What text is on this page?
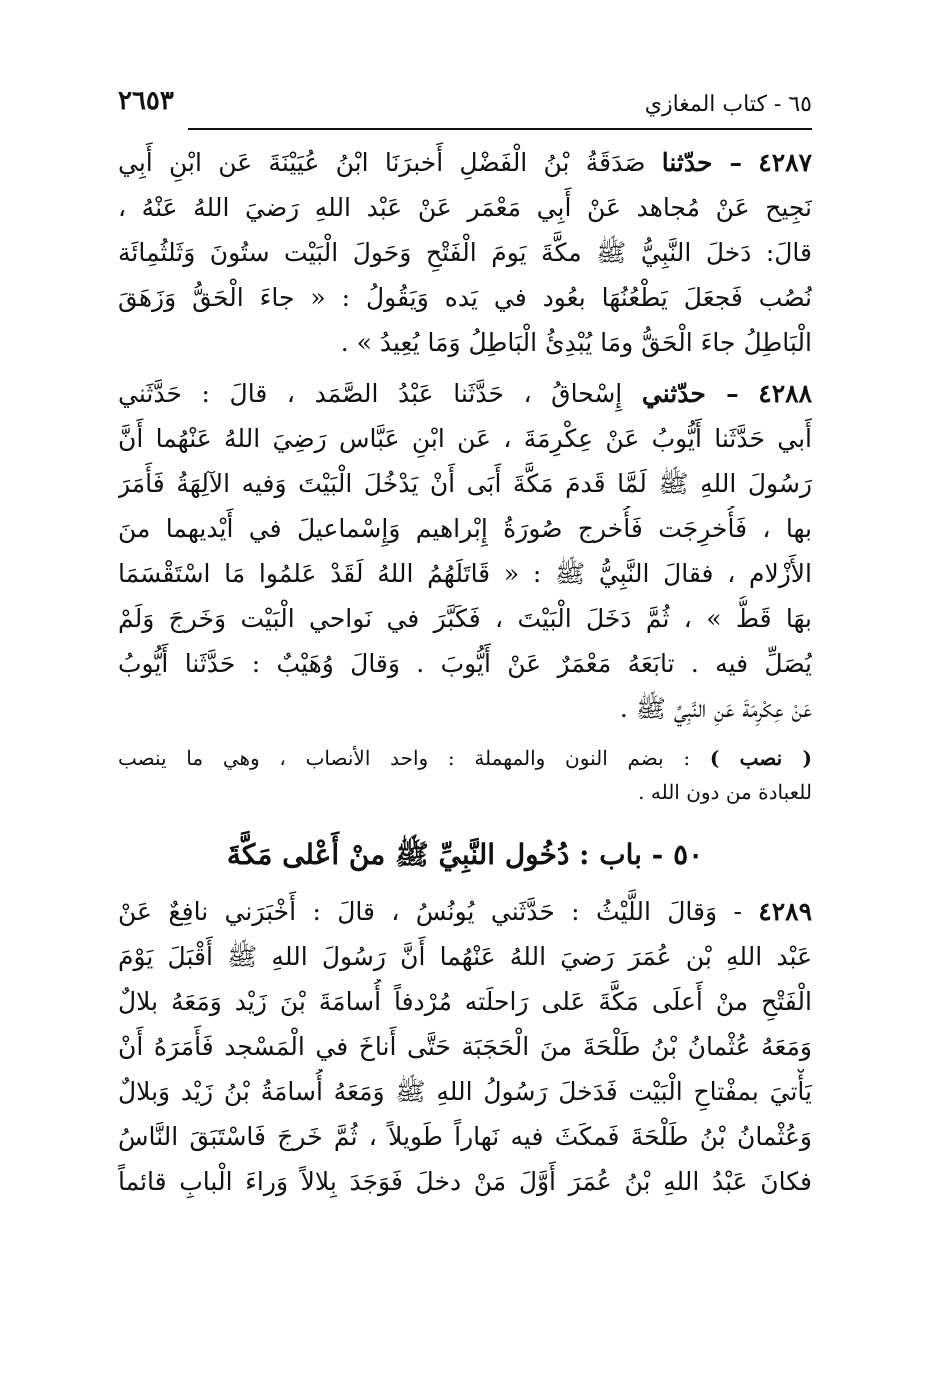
٦٥ - كتاب المغازي
٢٦٥٣
٤٢٨٧ – حدّثنا صَدَقَةُ بْنُ الْفَضْلِ أَخبرَنَا ابْنُ عُيَيْنَةَ عَن ابْنِ أَبِي
نَجِيح عَنْ مُجاهد عَنْ أَبِي مَعْمَر عَنْ عَبْد اللهِ رَضيَ اللهُ عَنْهُ ،
قالَ: دَخلَ النَّبِيُّ ﷺ مكَّةَ يَومَ الْفَتْحِ وَحَولَ الْبَيْت ستُونَ وَثَلثُمِائَة
نُصُب فَجعَلَ يَطْعُنُهَا بعُود في يَده وَيَقُولُ : « جاءَ الْحَقُّ وَزَهَقَ
الْبَاطِلُ جاءَ الْحَقُّ ومَا يُبْدِئُ الْبَاطِلُ وَمَا يُعِيدُ » .
٤٢٨٨ – حدّثني إِسْحاقُ ، حَدَّثَنا عَبْدُ الصَّمَد ، قالَ : حَدَّثَني
أَبي حَدَّثَنا أَيُّوبُ عَنْ عِكْرِمَةَ ، عَن ابْنِ عَبَّاس رَضِيَ اللهُ عَنْهُما أَنَّ
رَسُولَ اللهِ ﷺ لَمَّا قَدمَ مَكَّةَ أَبَى أَنْ يَدْخُلَ الْبَيْتَ وَفيه الآلِهَةُ فَأَمَرَ
بها ، فَأُخرِجَت فَأُخرج صُورَةُ إِبْراهيم وَإِسْماعيلَ في أَيْديهما منَ
الأَزْلام ، فقالَ النَّبِيُّ ﷺ : « قَاتَلَهُمُ اللهُ لَقَدْ عَلمُوا مَا اسْتَقْسَمَا
بهَا قَطُّ » ، ثُمَّ دَخَلَ الْبَيْتَ ، فَكَبَّرَ في نَواحي الْبَيْت وَخَرجَ وَلَمْ
يُصَلِّ فيه . تابَعَهُ مَعْمَرٌ عَنْ أَيُّوبَ . وَقالَ وُهَيْبٌ : حَدَّثَنا أَيُّوبُ
عَنْ عِكْرِمَةَ عَنِ النَّبِيِّ ﷺ .
( نصب ) : بضم النون والمهملة : واحد الأنصاب ، وهي ما ينصب
للعبادة من دون الله .
٥٠ - باب : دُخُول النَّبِيِّ ﷺ منْ أَعْلى مَكَّةَ
٤٢٨٩ - وَقالَ اللَّيْثُ : حَدَّثَني يُونُسُ ، قالَ : أَخْبَرَني نافِعٌ عَنْ
عَبْد اللهِ بْن عُمَرَ رَضيَ اللهُ عَنْهُما أَنَّ رَسُولَ اللهِ ﷺ أَقْبَلَ يَوْمَ
الْفَتْحِ منْ أَعلَى مَكَّةَ عَلى رَاحلَته مُرْدفاً أُسامَةَ بْنَ زَيْد وَمَعَهُ بلالٌ
وَمَعَهُ عُثْمانُ بْنُ طَلْحَةَ منَ الْحَجَبَة حَتَّى أَناخَ في الْمَسْجد فَأَمَرَهُ أَنْ
يَأْتيَ بمفْتاحِ الْبَيْت فَدَخلَ رَسُولُ اللهِ ﷺ وَمَعَهُ أُسامَةُ بْنُ زَيْد وَبلالٌ
وَعُثْمانُ بْنُ طَلْحَةَ فَمكَثَ فيه نَهاراً طَويلاً ، ثُمَّ خَرجَ فَاسْتَبَقَ النَّاسُ
فكانَ عَبْدُ اللهِ بْنُ عُمَرَ أَوَّلَ مَنْ دخلَ فَوَجَدَ بِلالاً وَراءَ الْبابِ قائماً
